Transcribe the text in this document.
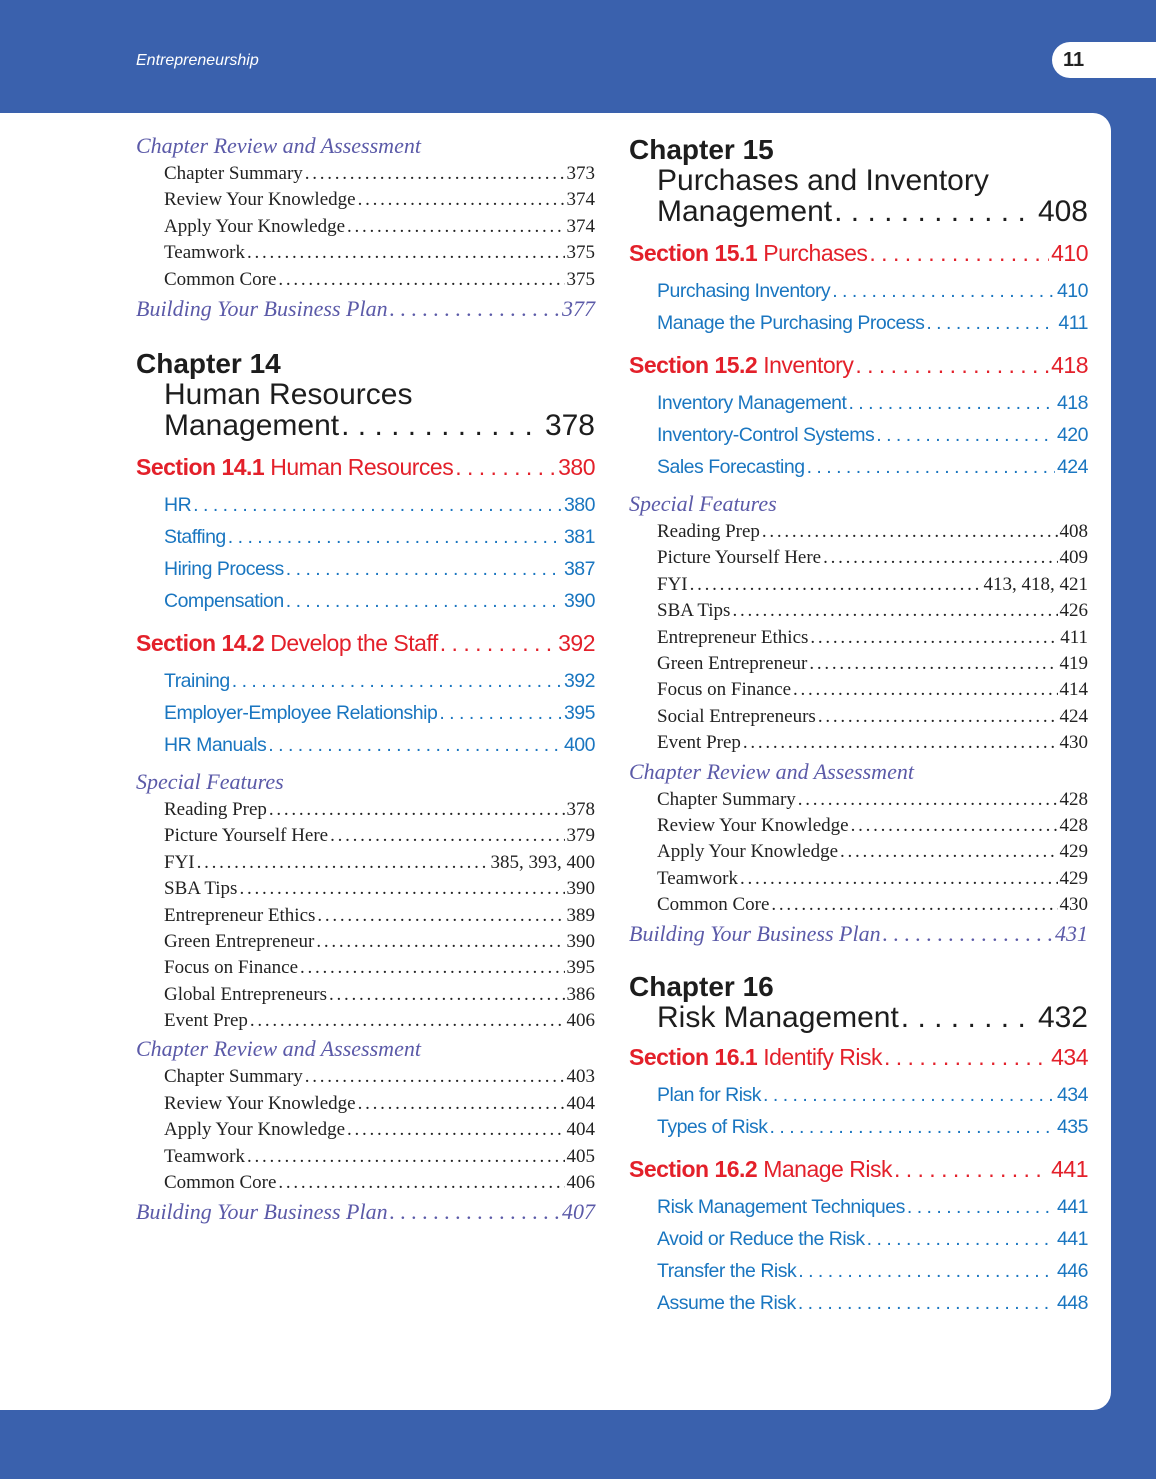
Entrepreneurship	11
Chapter Review and Assessment
Chapter Summary . . .	373
Review Your Knowledge . . .	374
Apply Your Knowledge . . .	374
Teamwork . . .	375
Common Core . . .	375
Building Your Business Plan . . .	377
Chapter 14
Human Resources
Management . . .	378
Section 14.1 Human Resources . . .	380
HR . . .	380
Staffing . . .	381
Hiring Process . . .	387
Compensation . . .	390
Section 14.2 Develop the Staff . . .	392
Training . . .	392
Employer-Employee Relationship . . .	395
HR Manuals . . .	400
Special Features
Reading Prep . . .	378
Picture Yourself Here . . .	379
FYI . . .	385, 393, 400
SBA Tips . . .	390
Entrepreneur Ethics . . .	389
Green Entrepreneur . . .	390
Focus on Finance . . .	395
Global Entrepreneurs . . .	386
Event Prep . . .	406
Chapter Review and Assessment
Chapter Summary . . .	403
Review Your Knowledge . . .	404
Apply Your Knowledge . . .	404
Teamwork . . .	405
Common Core . . .	406
Building Your Business Plan . . .	407
Chapter 15
Purchases and Inventory
Management . . .	408
Section 15.1 Purchases . . .	410
Purchasing Inventory . . .	410
Manage the Purchasing Process . . .	411
Section 15.2 Inventory . . .	418
Inventory Management . . .	418
Inventory-Control Systems . . .	420
Sales Forecasting . . .	424
Special Features
Reading Prep . . .	408
Picture Yourself Here . . .	409
FYI . . .	413, 418, 421
SBA Tips . . .	426
Entrepreneur Ethics . . .	411
Green Entrepreneur . . .	419
Focus on Finance . . .	414
Social Entrepreneurs . . .	424
Event Prep . . .	430
Chapter Review and Assessment
Chapter Summary . . .	428
Review Your Knowledge . . .	428
Apply Your Knowledge . . .	429
Teamwork . . .	429
Common Core . . .	430
Building Your Business Plan . . .	431
Chapter 16
Risk Management . . .	432
Section 16.1 Identify Risk . . .	434
Plan for Risk . . .	434
Types of Risk . . .	435
Section 16.2 Manage Risk . . .	441
Risk Management Techniques . . .	441
Avoid or Reduce the Risk . . .	441
Transfer the Risk . . .	446
Assume the Risk . . .	448
